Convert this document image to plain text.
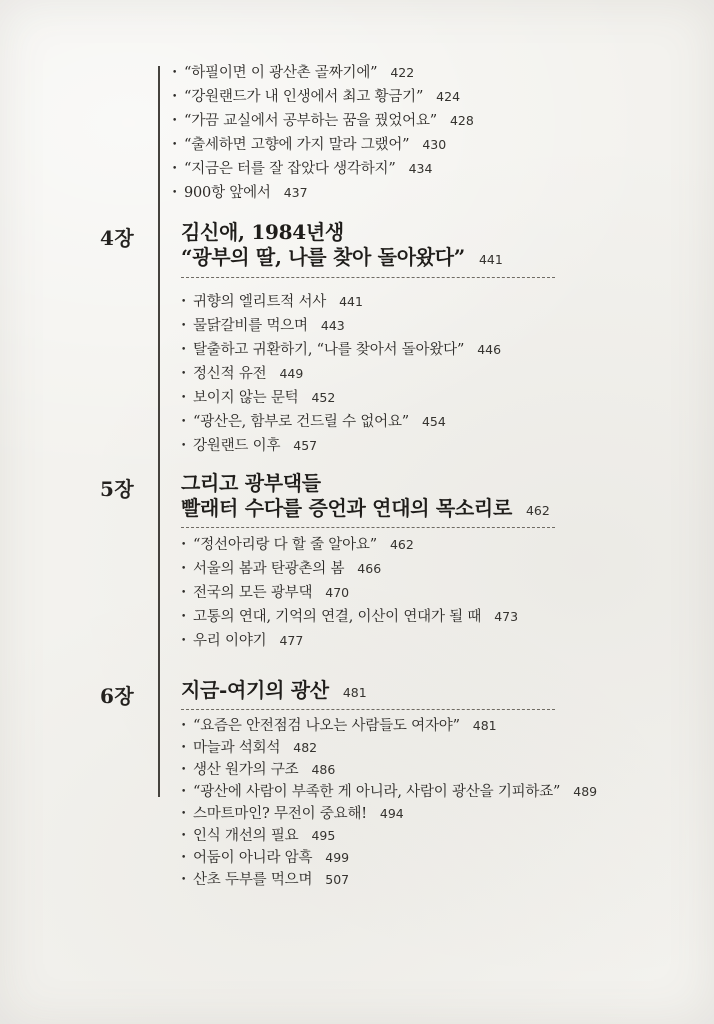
• “하필이면 이 광산촌 골짜기에” 422
• “강원랜드가 내 인생에서 최고 황금기” 424
• “가끔 교실에서 공부하는 꿈을 꿨었어요” 428
• “출세하면 고향에 가지 말라 그랬어” 430
• “지금은 터를 잘 잡았다 생각하지” 434
• 900항 앞에서 437
4장 김신애, 1984년생
“광부의 딸, 나를 찾아 돌아왔다” 441
• 귀향의 엘리트적 서사 441
• 물닭갈비를 먹으며 443
• 탈출하고 귀환하기, “나를 찾아서 돌아왔다” 446
• 정신적 유전 449
• 보이지 않는 문턱 452
• “광산은, 함부로 건드릴 수 없어요” 454
• 강원랜드 이후 457
5장 그리고 광부댁들
빨래터 수다를 증언과 연대의 목소리로 462
• “정선아리랑 다 할 줄 알아요” 462
• 서울의 봄과 탄광촌의 봄 466
• 전국의 모든 광부댁 470
• 고통의 연대, 기억의 연결, 이산이 연대가 될 때 473
• 우리 이야기 477
6장 지금-여기의 광산 481
• “요즘은 안전점검 나오는 사람들도 여자야” 481
• 마늘과 석회석 482
• 생산 원가의 구조 486
• “광산에 사람이 부족한 게 아니라, 사람이 광산을 기피하죠” 489
• 스마트마인? 무전이 중요해! 494
• 인식 개선의 필요 495
• 어둠이 아니라 암흑 499
• 산초 두부를 먹으며 507
